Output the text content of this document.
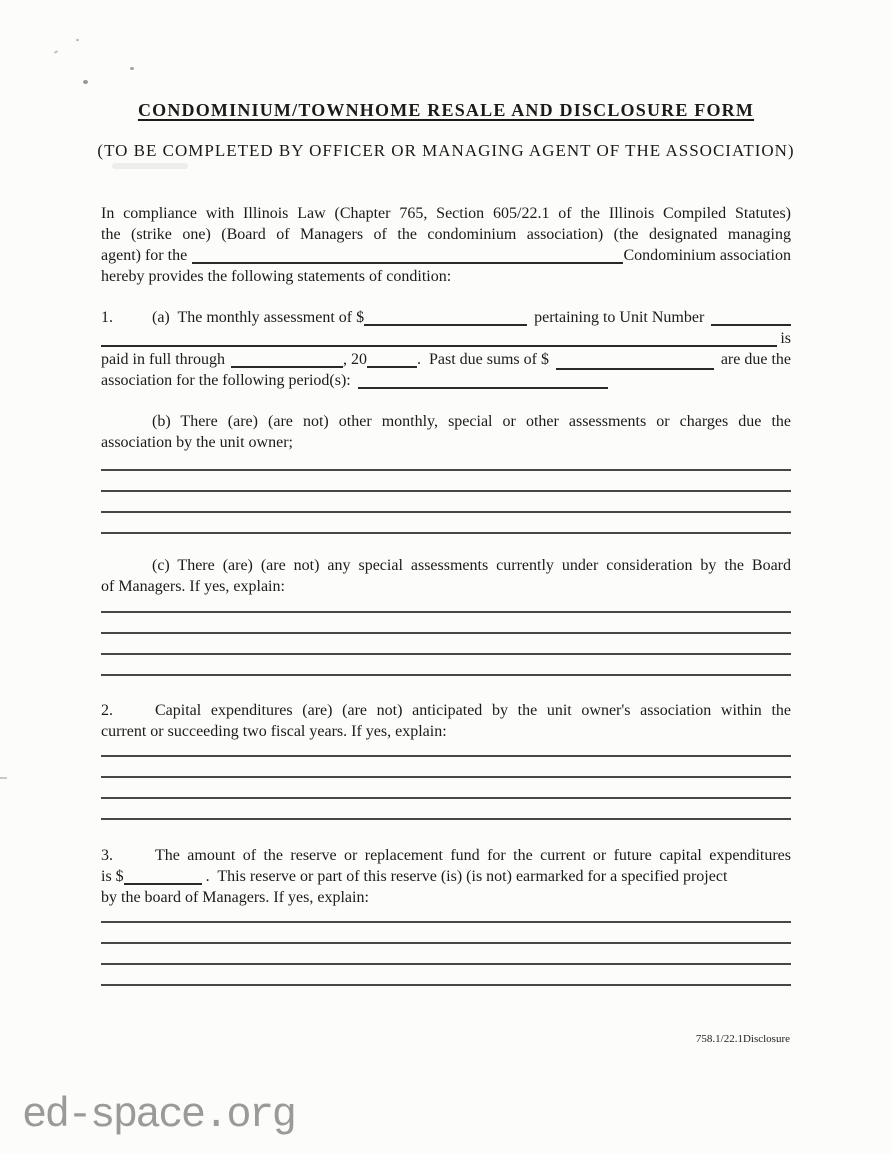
CONDOMINIUM/TOWNHOME RESALE AND DISCLOSURE FORM
(TO BE COMPLETED BY OFFICER OR MANAGING AGENT OF THE ASSOCIATION)
In compliance with Illinois Law (Chapter 765, Section 605/22.1 of the Illinois Compiled Statutes)
the (strike one) (Board of Managers of the condominium association) (the designated managing
agent) for the	Condominium association
hereby provides the following statements of condition:
1.	(a)  The monthly assessment of $	pertaining to Unit Number
is
paid in full through	, 20	.  Past due sums of $	are due the
association for the following period(s):
(b) There (are) (are not) other monthly, special or other assessments or charges due the
association by the unit owner;
(c) There (are) (are not) any special assessments currently under consideration by the Board
of Managers. If yes, explain:
2.	Capital expenditures (are) (are not) anticipated by the unit owner's association within the
current or succeeding two fiscal years. If yes, explain:
3.	The amount of the reserve or replacement fund for the current or future capital expenditures
is $	.  This reserve or part of this reserve (is) (is not) earmarked for a specified project
by the board of Managers. If yes, explain:
758.1/22.1Disclosure
ed-space.org
